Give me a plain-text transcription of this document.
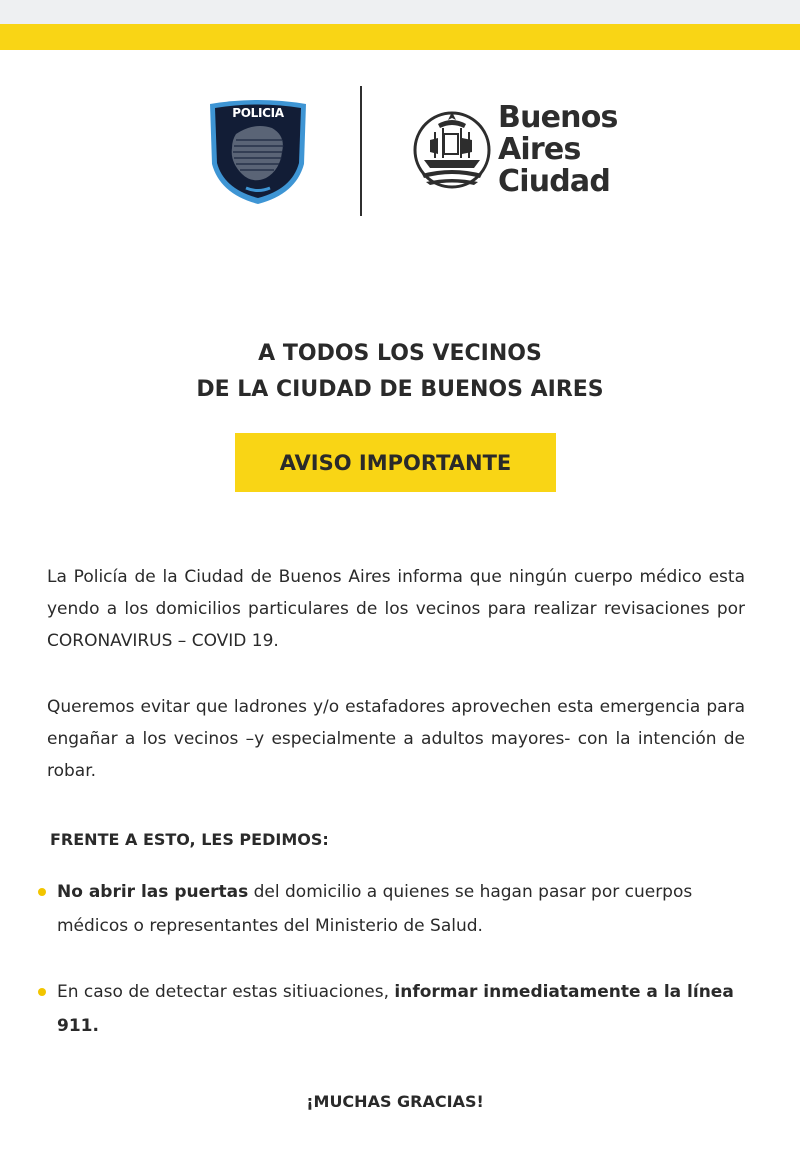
POLICIA	Buenos
Aires
Ciudad
A TODOS LOS VECINOS
DE LA CIUDAD DE BUENOS AIRES
AVISO IMPORTANTE
La Policía de la Ciudad de Buenos Aires informa que ningún cuerpo médico esta yendo a los domicilios particulares de los vecinos para realizar revisaciones por CORONAVIRUS – COVID 19.
Queremos evitar que ladrones y/o estafadores aprovechen esta emergencia para engañar a los vecinos –y especialmente a adultos mayores- con la intención de robar.
FRENTE A ESTO, LES PEDIMOS:
No abrir las puertas del domicilio a quienes se hagan pasar por cuerpos médicos o representantes del Ministerio de Salud.
En caso de detectar estas sitiuaciones, informar inmediatamente a la línea 911.
¡MUCHAS GRACIAS!
